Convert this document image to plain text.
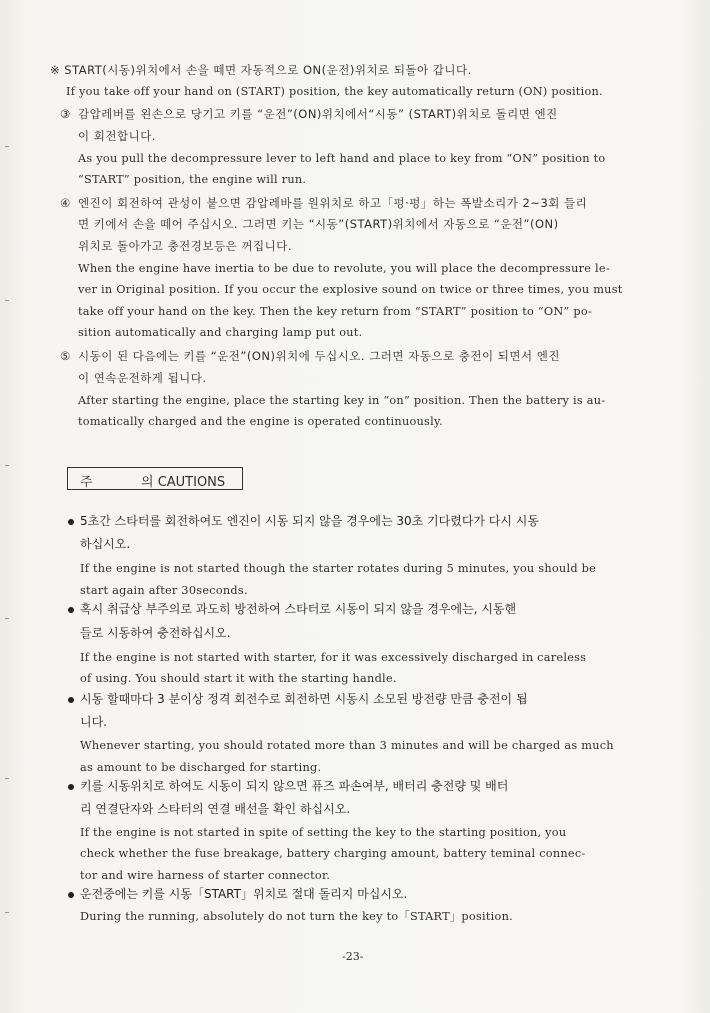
※ START(시동)위치에서 손을 떼면 자동적으로 ON(운전)위치로 되돌아 갑니다.
If you take off your hand on (START) position, the key automatically return (ON) position.
③ 감압레버를 왼손으로 당기고 키를 “운전”(ON)위치에서“시동” (START)위치로 돌리면 엔진
이 회전합니다.
As you pull the decompressure lever to left hand and place to key from “ON” position to
“START” position, the engine will run.
④ 엔진이 회전하여 관성이 붙으면 감압레바를 원위치로 하고「펑·펑」하는 폭발소리가 2~3회 들리
면 키에서 손을 떼어 주십시오. 그러면 키는 “시동”(START)위치에서 자동으로 “운전”(ON)
위치로 돌아가고 충전경보등은 꺼집니다.
When the engine have inertia to be due to revolute, you will place the decompressure le-
ver in Original position. If you occur the explosive sound on twice or three times, you must
take off your hand on the key. Then the key return from “START” position to “ON” po-
sition automatically and charging lamp put out.
⑤ 시동이 된 다음에는 키를 “운전”(ON)위치에 두십시오. 그러면 자동으로 충전이 되면서 엔진
이 연속운전하게 됩니다.
After starting the engine, place the starting key in “on” position. Then the battery is au-
tomatically charged and the engine is operated continuously.
주	의 CAUTIONS
5초간 스타터를 회전하여도 엔진이 시동 되지 않을 경우에는 30초 기다렸다가 다시 시동
하십시오.
If the engine is not started though the starter rotates during 5 minutes, you should be
start again after 30seconds.
혹시 취급상 부주의로 과도히 방전하여 스타터로 시동이 되지 않을 경우에는, 시동핸
들로 시동하여 충전하십시오.
If the engine is not started with starter, for it was excessively discharged in careless
of using. You should start it with the starting handle.
시동 할때마다 3 분이상 정격 회전수로 회전하면 시동시 소모된 방전량 만큼 충전이 됩
니다.
Whenever starting, you should rotated more than 3 minutes and will be charged as much
as amount to be discharged for starting.
키를 시동위치로 하여도 시동이 되지 않으면 퓨즈 파손여부, 배터리 충전량 및 배터
리 연결단자와 스타터의 연결 배선을 확인 하십시오.
If the engine is not started in spite of setting the key to the starting position, you
check whether the fuse breakage, battery charging amount, battery teminal connec-
tor and wire harness of starter connector.
운전중에는 키를 시동「START」위치로 절대 돌리지 마십시오.
During the running, absolutely do not turn the key to「START」position.
-23-
